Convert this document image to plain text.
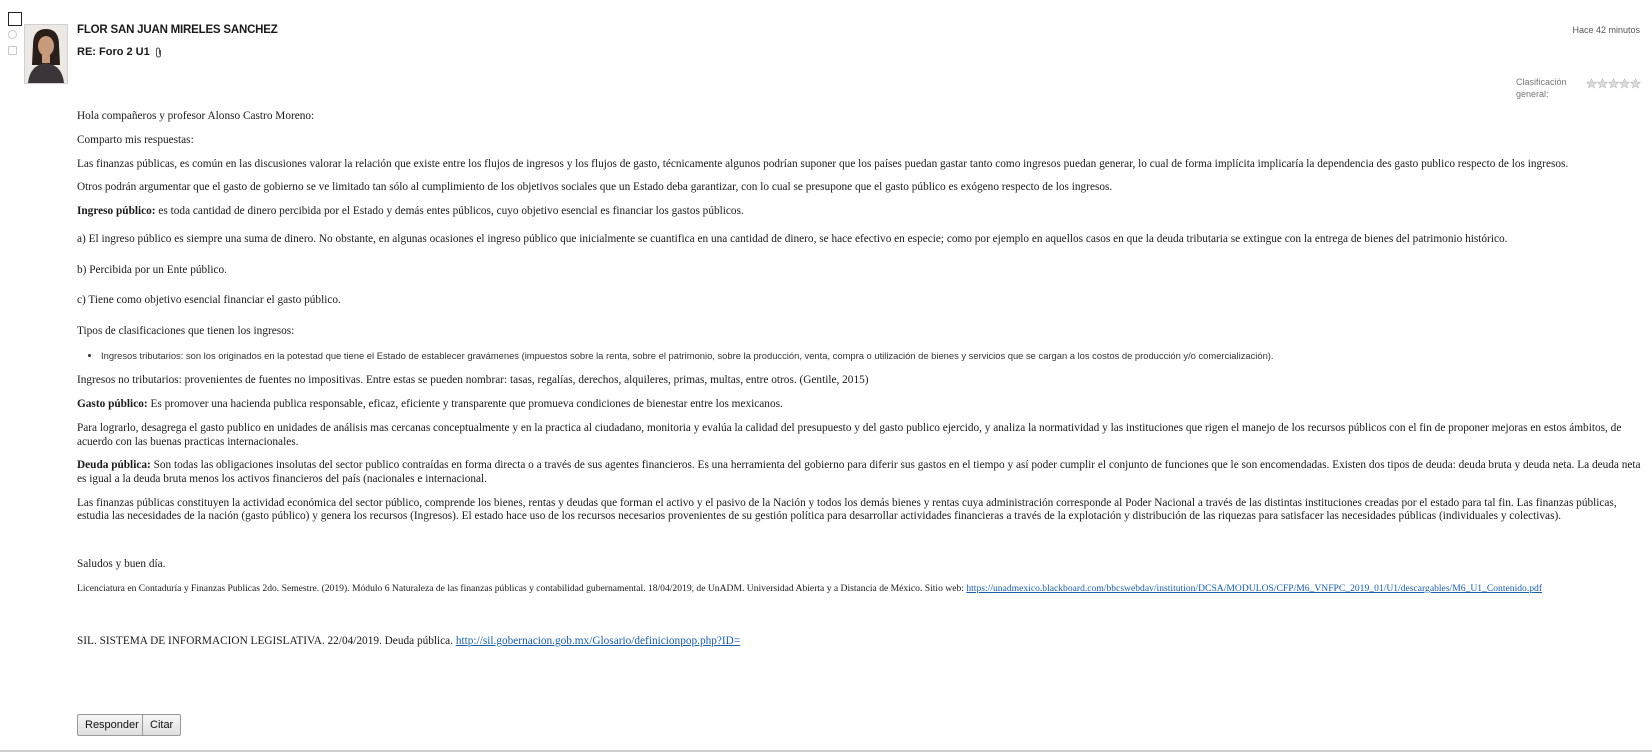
FLOR SAN JUAN MIRELES SANCHEZ
RE: Foro 2 U1
Hace 42 minutos
Clasificación general:

Hola compañeros y profesor Alonso Castro Moreno:

Comparto mis respuestas:

Las finanzas públicas, es común en las discusiones valorar la relación que existe entre los flujos de ingresos y los flujos de gasto, técnicamente algunos podrían suponer que los países puedan gastar tanto como ingresos puedan generar, lo cual de forma implícita implicaría la dependencia des gasto publico respecto de los ingresos.

Otros podrán argumentar que el gasto de gobierno se ve limitado tan sólo al cumplimiento de los objetivos sociales que un Estado deba garantizar, con lo cual se presupone que el gasto público es exógeno respecto de los ingresos.

Ingreso público: es toda cantidad de dinero percibida por el Estado y demás entes públicos, cuyo objetivo esencial es financiar los gastos públicos.

a) El ingreso público es siempre una suma de dinero. No obstante, en algunas ocasiones el ingreso público que inicialmente se cuantifica en una cantidad de dinero, se hace efectivo en especie; como por ejemplo en aquellos casos en que la deuda tributaria se extingue con la entrega de bienes del patrimonio histórico.

b) Percibida por un Ente público.

c) Tiene como objetivo esencial financiar el gasto público.

Tipos de clasificaciones que tienen los ingresos:

• Ingresos tributarios: son los originados en la potestad que tiene el Estado de establecer gravámenes (impuestos sobre la renta, sobre el patrimonio, sobre la producción, venta, compra o utilización de bienes y servicios que se cargan a los costos de producción y/o comercialización).

Ingresos no tributarios: provenientes de fuentes no impositivas. Entre estas se pueden nombrar: tasas, regalías, derechos, alquileres, primas, multas, entre otros. (Gentile, 2015)

Gasto público: Es promover una hacienda publica responsable, eficaz, eficiente y transparente que promueva condiciones de bienestar entre los mexicanos.

Para lograrlo, desagrega el gasto publico en unidades de análisis mas cercanas conceptualmente y en la practica al ciudadano, monitoria y evalúa la calidad del presupuesto y del gasto publico ejercido, y analiza la normatividad y las instituciones que rigen el manejo de los recursos públicos con el fin de proponer mejoras en estos ámbitos, de acuerdo con las buenas practicas internacionales.

Deuda pública: Son todas las obligaciones insolutas del sector publico contraídas en forma directa o a través de sus agentes financieros. Es una herramienta del gobierno para diferir sus gastos en el tiempo y así poder cumplir el conjunto de funciones que le son encomendadas. Existen dos tipos de deuda: deuda bruta y deuda neta. La deuda neta es igual a la deuda bruta menos los activos financieros del país (nacionales e internacional.

Las finanzas públicas constituyen la actividad económica del sector público, comprende los bienes, rentas y deudas que forman el activo y el pasivo de la Nación y todos los demás bienes y rentas cuya administración corresponde al Poder Nacional a través de las distintas instituciones creadas por el estado para tal fin. Las finanzas públicas, estudia las necesidades de la nación (gasto público) y genera los recursos (Ingresos). El estado hace uso de los recursos necesarios provenientes de su gestión política para desarrollar actividades financieras a través de la explotación y distribución de las riquezas para satisfacer las necesidades públicas (individuales y colectivas).

Saludos y buen día.

Licenciatura en Contaduría y Finanzas Publicas 2do. Semestre. (2019). Módulo 6 Naturaleza de las finanzas públicas y contabilidad gubernamental. 18/04/2019, de UnADM. Universidad Abierta y a Distancia de México. Sitio web: https://unadmexico.blackboard.com/bbcswebdav/institution/DCSA/MODULOS/CFP/M6_VNFPC_2019_01/U1/descargables/M6_U1_Contenido.pdf

SIL. SISTEMA DE INFORMACION LEGISLATIVA. 22/04/2019. Deuda pública. http://sil.gobernacion.gob.mx/Glosario/definicionpop.php?ID=

Responder	Citar
